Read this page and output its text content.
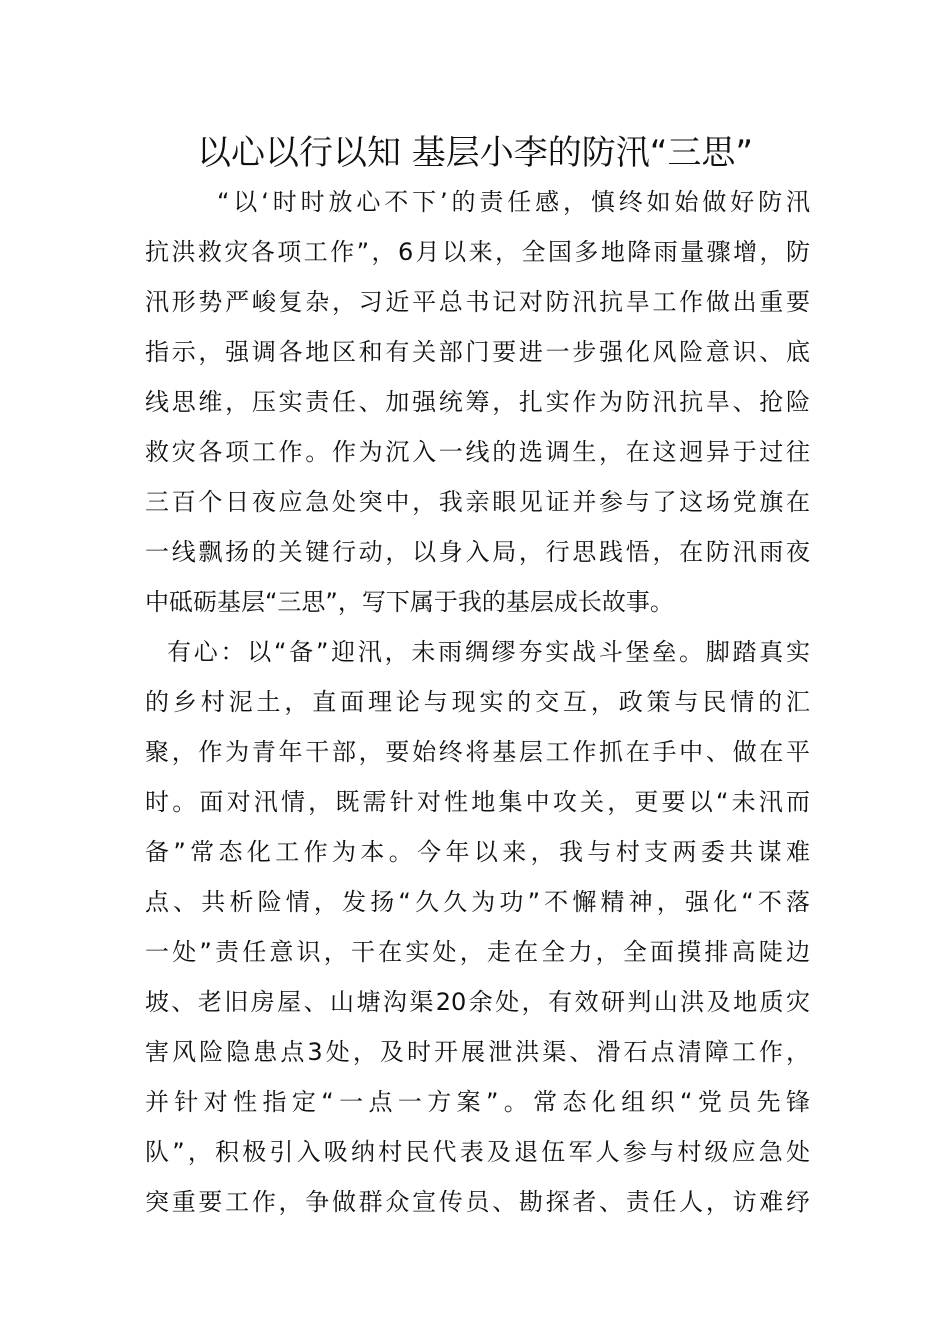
以心以行以知 基层小李的防汛“三思”
“以‘时时放心不下’的责任感，慎终如始做好防汛
抗洪救灾各项工作”，6月以来，全国多地降雨量骤增，防
汛形势严峻复杂，习近平总书记对防汛抗旱工作做出重要
指示，强调各地区和有关部门要进一步强化风险意识、底
线思维，压实责任、加强统筹，扎实作为防汛抗旱、抢险
救灾各项工作。作为沉入一线的选调生，在这迥异于过往
三百个日夜应急处突中，我亲眼见证并参与了这场党旗在
一线飘扬的关键行动，以身入局，行思践悟，在防汛雨夜
中砥砺基层“三思”，写下属于我的基层成长故事。
有心：以“备”迎汛，未雨绸缪夯实战斗堡垒。脚踏真实
的乡村泥土，直面理论与现实的交互，政策与民情的汇
聚，作为青年干部，要始终将基层工作抓在手中、做在平
时。面对汛情，既需针对性地集中攻关，更要以“未汛而
备”常态化工作为本。今年以来，我与村支两委共谋难
点、共析险情，发扬“久久为功”不懈精神，强化“不落
一处”责任意识，干在实处，走在全力，全面摸排高陡边
坡、老旧房屋、山塘沟渠20余处，有效研判山洪及地质灾
害风险隐患点3处，及时开展泄洪渠、滑石点清障工作，
并针对性指定“一点一方案”。常态化组织“党员先锋
队”，积极引入吸纳村民代表及退伍军人参与村级应急处
突重要工作，争做群众宣传员、勘探者、责任人，访难纾
